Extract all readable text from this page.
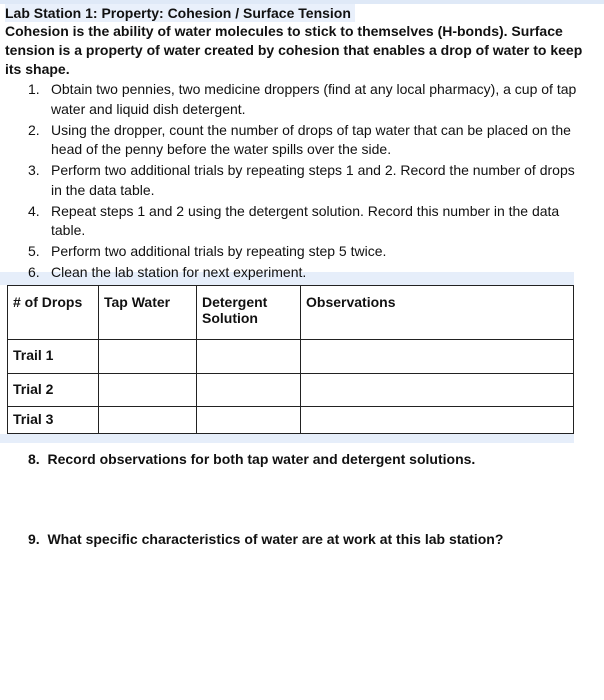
Lab Station 1: Property: Cohesion / Surface Tension
Cohesion is the ability of water molecules to stick to themselves (H-bonds). Surface tension is a property of water created by cohesion that enables a drop of water to keep its shape.
1. Obtain two pennies, two medicine droppers (find at any local pharmacy), a cup of tap water and liquid dish detergent.
2. Using the dropper, count the number of drops of tap water that can be placed on the head of the penny before the water spills over the side.
3. Perform two additional trials by repeating steps 1 and 2. Record the number of drops in the data table.
4. Repeat steps 1 and 2 using the detergent solution. Record this number in the data table.
5. Perform two additional trials by repeating step 5 twice.
6. Clean the lab station for next experiment.
# of Drops	Tap Water	Detergent Solution	Observations
Trail 1			
Trial 2			
Trial 3			
8. Record observations for both tap water and detergent solutions.
9. What specific characteristics of water are at work at this lab station?
